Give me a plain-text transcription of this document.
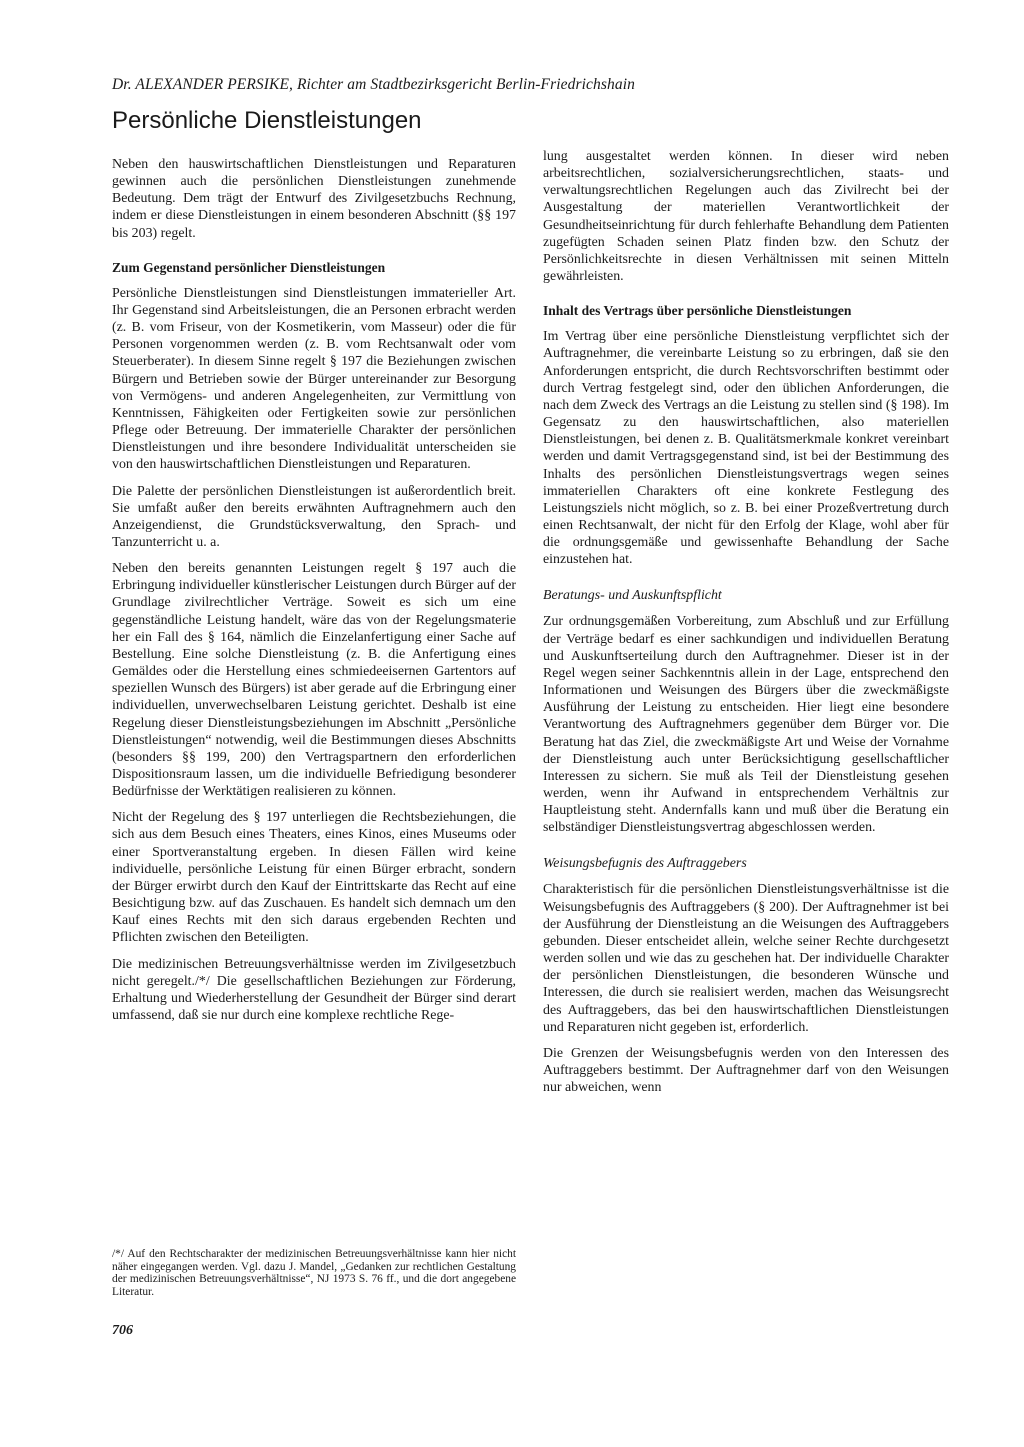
Dr. ALEXANDER PERSIKE, Richter am Stadtbezirksgericht Berlin-Friedrichshain
Persönliche Dienstleistungen

Neben den hauswirtschaftlichen Dienstleistungen und Reparaturen gewinnen auch die persönlichen Dienstleistungen zunehmende Bedeutung. Dem trägt der Entwurf des Zivilgesetzbuchs Rechnung, indem er diese Dienstleistungen in einem besonderen Abschnitt (§§ 197 bis 203) regelt.

Zum Gegenstand persönlicher Dienstleistungen

Persönliche Dienstleistungen sind Dienstleistungen immaterieller Art. Ihr Gegenstand sind Arbeitsleistungen, die an Personen erbracht werden (z. B. vom Friseur, von der Kosmetikerin, vom Masseur) oder die für Personen vorgenommen werden (z. B. vom Rechtsanwalt oder vom Steuerberater). In diesem Sinne regelt § 197 die Beziehungen zwischen Bürgern und Betrieben sowie der Bürger untereinander zur Besorgung von Vermögens- und anderen Angelegenheiten, zur Vermittlung von Kenntnissen, Fähigkeiten oder Fertigkeiten sowie zur persönlichen Pflege oder Betreuung. Der immaterielle Charakter der persönlichen Dienstleistungen und ihre besondere Individualität unterscheiden sie von den hauswirtschaftlichen Dienstleistungen und Reparaturen.

Die Palette der persönlichen Dienstleistungen ist außerordentlich breit. Sie umfaßt außer den bereits erwähnten Auftragnehmern auch den Anzeigendienst, die Grundstücksverwaltung, den Sprach- und Tanzunterricht u. a.

Neben den bereits genannten Leistungen regelt § 197 auch die Erbringung individueller künstlerischer Leistungen durch Bürger auf der Grundlage zivilrechtlicher Verträge. Soweit es sich um eine gegenständliche Leistung handelt, wäre das von der Regelungsmaterie her ein Fall des § 164, nämlich die Einzelanfertigung einer Sache auf Bestellung. Eine solche Dienstleistung (z. B. die Anfertigung eines Gemäldes oder die Herstellung eines schmiedeeisernen Gartentors auf speziellen Wunsch des Bürgers) ist aber gerade auf die Erbringung einer individuellen, unverwechselbaren Leistung gerichtet. Deshalb ist eine Regelung dieser Dienstleistungsbeziehungen im Abschnitt „Persönliche Dienstleistungen“ notwendig, weil die Bestimmungen dieses Abschnitts (besonders §§ 199, 200) den Vertragspartnern den erforderlichen Dispositionsraum lassen, um die individuelle Befriedigung besonderer Bedürfnisse der Werktätigen realisieren zu können.

Nicht der Regelung des § 197 unterliegen die Rechtsbeziehungen, die sich aus dem Besuch eines Theaters, eines Kinos, eines Museums oder einer Sportveranstaltung ergeben. In diesen Fällen wird keine individuelle, persönliche Leistung für einen Bürger erbracht, sondern der Bürger erwirbt durch den Kauf der Eintrittskarte das Recht auf eine Besichtigung bzw. auf das Zuschauen. Es handelt sich demnach um den Kauf eines Rechts mit den sich daraus ergebenden Rechten und Pflichten zwischen den Beteiligten.

Die medizinischen Betreuungsverhältnisse werden im Zivilgesetzbuch nicht geregelt./*/ Die gesellschaftlichen Beziehungen zur Förderung, Erhaltung und Wiederherstellung der Gesundheit der Bürger sind derart umfassend, daß sie nur durch eine komplexe rechtliche Rege-

lung ausgestaltet werden können. In dieser wird neben arbeitsrechtlichen, sozialversicherungsrechtlichen, staats- und verwaltungsrechtlichen Regelungen auch das Zivilrecht bei der Ausgestaltung der materiellen Verantwortlichkeit der Gesundheitseinrichtung für durch fehlerhafte Behandlung dem Patienten zugefügten Schaden seinen Platz finden bzw. den Schutz der Persönlichkeitsrechte in diesen Verhältnissen mit seinen Mitteln gewährleisten.

Inhalt des Vertrags über persönliche Dienstleistungen

Im Vertrag über eine persönliche Dienstleistung verpflichtet sich der Auftragnehmer, die vereinbarte Leistung so zu erbringen, daß sie den Anforderungen entspricht, die durch Rechtsvorschriften bestimmt oder durch Vertrag festgelegt sind, oder den üblichen Anforderungen, die nach dem Zweck des Vertrags an die Leistung zu stellen sind (§ 198). Im Gegensatz zu den hauswirtschaftlichen, also materiellen Dienstleistungen, bei denen z. B. Qualitätsmerkmale konkret vereinbart werden und damit Vertragsgegenstand sind, ist bei der Bestimmung des Inhalts des persönlichen Dienstleistungsvertrags wegen seines immateriellen Charakters oft eine konkrete Festlegung des Leistungsziels nicht möglich, so z. B. bei einer Prozeßvertretung durch einen Rechtsanwalt, der nicht für den Erfolg der Klage, wohl aber für die ordnungsgemäße und gewissenhafte Behandlung der Sache einzustehen hat.

Beratungs- und Auskunftspflicht

Zur ordnungsgemäßen Vorbereitung, zum Abschluß und zur Erfüllung der Verträge bedarf es einer sachkundigen und individuellen Beratung und Auskunftserteilung durch den Auftragnehmer. Dieser ist in der Regel wegen seiner Sachkenntnis allein in der Lage, entsprechend den Informationen und Weisungen des Bürgers über die zweckmäßigste Ausführung der Leistung zu entscheiden. Hier liegt eine besondere Verantwortung des Auftragnehmers gegenüber dem Bürger vor. Die Beratung hat das Ziel, die zweckmäßigste Art und Weise der Vornahme der Dienstleistung auch unter Berücksichtigung gesellschaftlicher Interessen zu sichern. Sie muß als Teil der Dienstleistung gesehen werden, wenn ihr Aufwand in entsprechendem Verhältnis zur Hauptleistung steht. Andernfalls kann und muß über die Beratung ein selbständiger Dienstleistungsvertrag abgeschlossen werden.

Weisungsbefugnis des Auftraggebers

Charakteristisch für die persönlichen Dienstleistungsverhältnisse ist die Weisungsbefugnis des Auftraggebers (§ 200). Der Auftragnehmer ist bei der Ausführung der Dienstleistung an die Weisungen des Auftraggebers gebunden. Dieser entscheidet allein, welche seiner Rechte durchgesetzt werden sollen und wie das zu geschehen hat. Der individuelle Charakter der persönlichen Dienstleistungen, die besonderen Wünsche und Interessen, die durch sie realisiert werden, machen das Weisungsrecht des Auftraggebers, das bei den hauswirtschaftlichen Dienstleistungen und Reparaturen nicht gegeben ist, erforderlich.

Die Grenzen der Weisungsbefugnis werden von den Interessen des Auftraggebers bestimmt. Der Auftragnehmer darf von den Weisungen nur abweichen, wenn

/*/ Auf den Rechtscharakter der medizinischen Betreuungsverhältnisse kann hier nicht näher eingegangen werden. Vgl. dazu J. Mandel, „Gedanken zur rechtlichen Gestaltung der medizinischen Betreuungsverhältnisse“, NJ 1973 S. 76 ff., und die dort angegebene Literatur.

706
